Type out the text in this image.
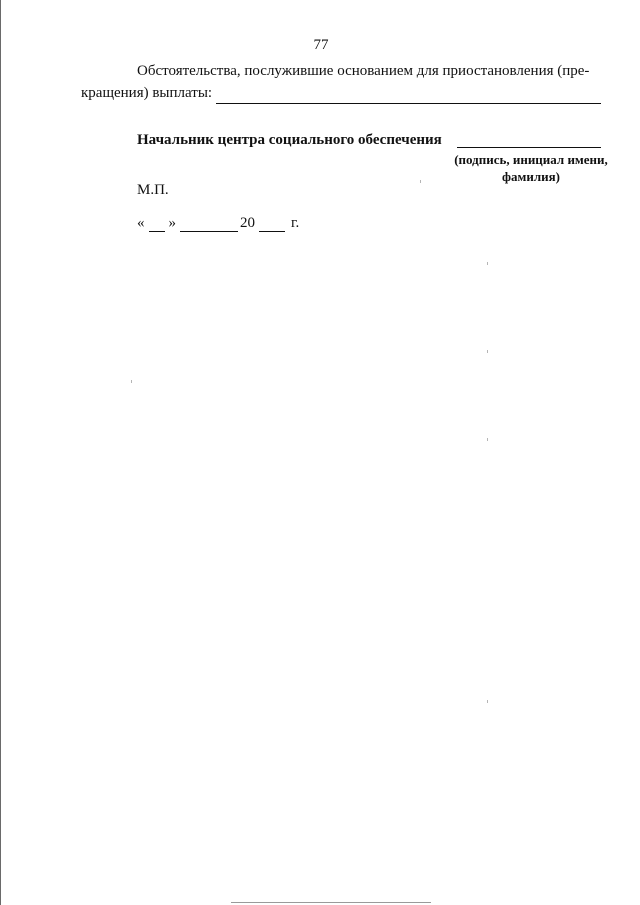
77
Обстоятельства, послужившие основанием для приостановления (пре-
кращения) выплаты:
Начальник центра социального обеспечения
(подпись, инициал имени,
фамилия)
М.П.
« »	20 г.
